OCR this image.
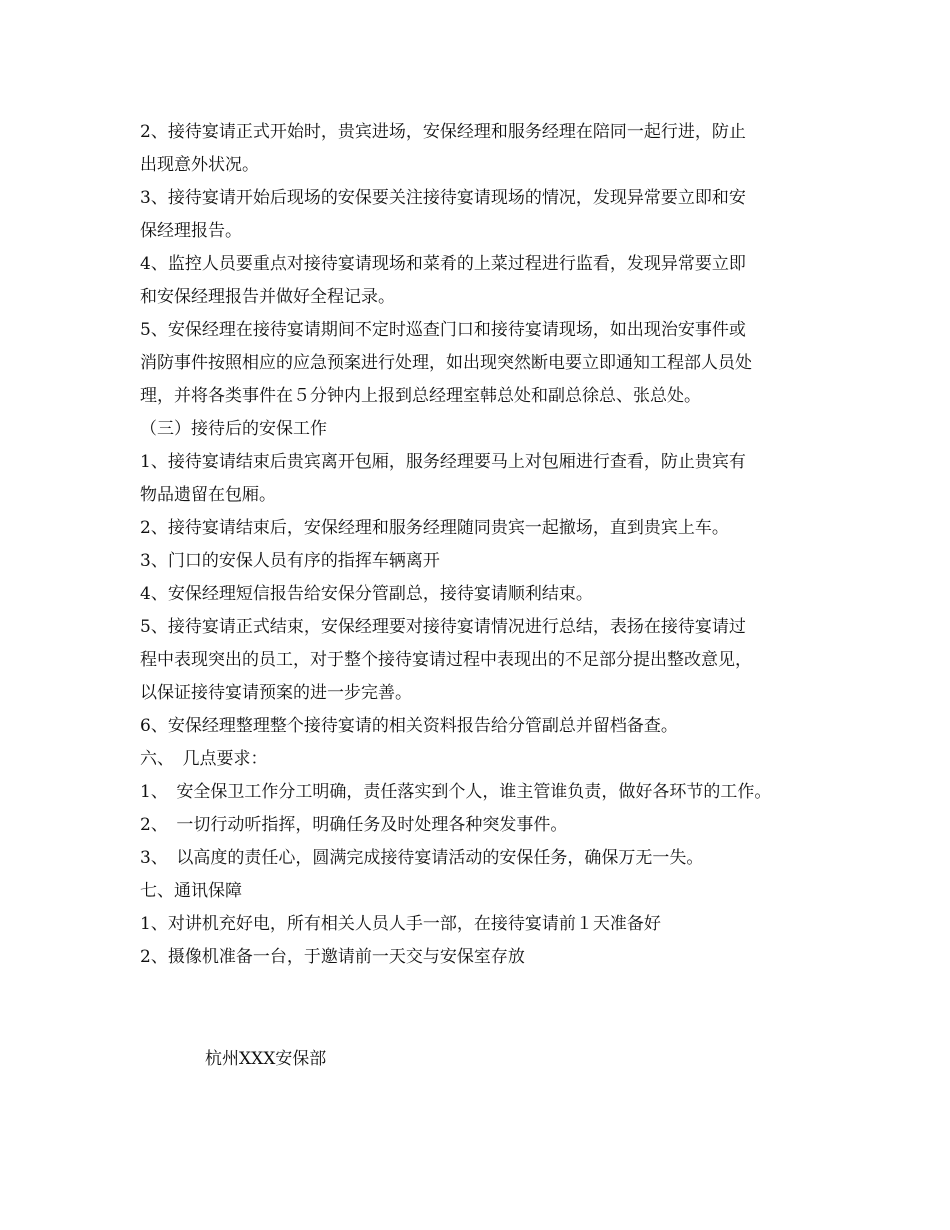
2、接待宴请正式开始时，贵宾进场，安保经理和服务经理在陪同一起行进，防止
出现意外状况。
3、接待宴请开始后现场的安保要关注接待宴请现场的情况，发现异常要立即和安
保经理报告。
4、监控人员要重点对接待宴请现场和菜肴的上菜过程进行监看，发现异常要立即
和安保经理报告并做好全程记录。
5、安保经理在接待宴请期间不定时巡查门口和接待宴请现场，如出现治安事件或
消防事件按照相应的应急预案进行处理，如出现突然断电要立即通知工程部人员处
理，并将各类事件在５分钟内上报到总经理室韩总处和副总徐总、张总处。
（三）接待后的安保工作
1、接待宴请结束后贵宾离开包厢，服务经理要马上对包厢进行查看，防止贵宾有
物品遗留在包厢。
2、接待宴请结束后，安保经理和服务经理随同贵宾一起撤场，直到贵宾上车。
3、门口的安保人员有序的指挥车辆离开
4、安保经理短信报告给安保分管副总，接待宴请顺利结束。
5、接待宴请正式结束，安保经理要对接待宴请情况进行总结，表扬在接待宴请过
程中表现突出的员工，对于整个接待宴请过程中表现出的不足部分提出整改意见，
以保证接待宴请预案的进一步完善。
6、安保经理整理整个接待宴请的相关资料报告给分管副总并留档备查。
六、　几点要求：
1、　安全保卫工作分工明确，责任落实到个人，谁主管谁负责，做好各环节的工作。
2、　一切行动听指挥，明确任务及时处理各种突发事件。
3、　以高度的责任心，圆满完成接待宴请活动的安保任务，确保万无一失。
七、通讯保障
1、对讲机充好电，所有相关人员人手一部，在接待宴请前１天准备好
2、摄像机准备一台，于邀请前一天交与安保室存放
杭州XXX安保部
